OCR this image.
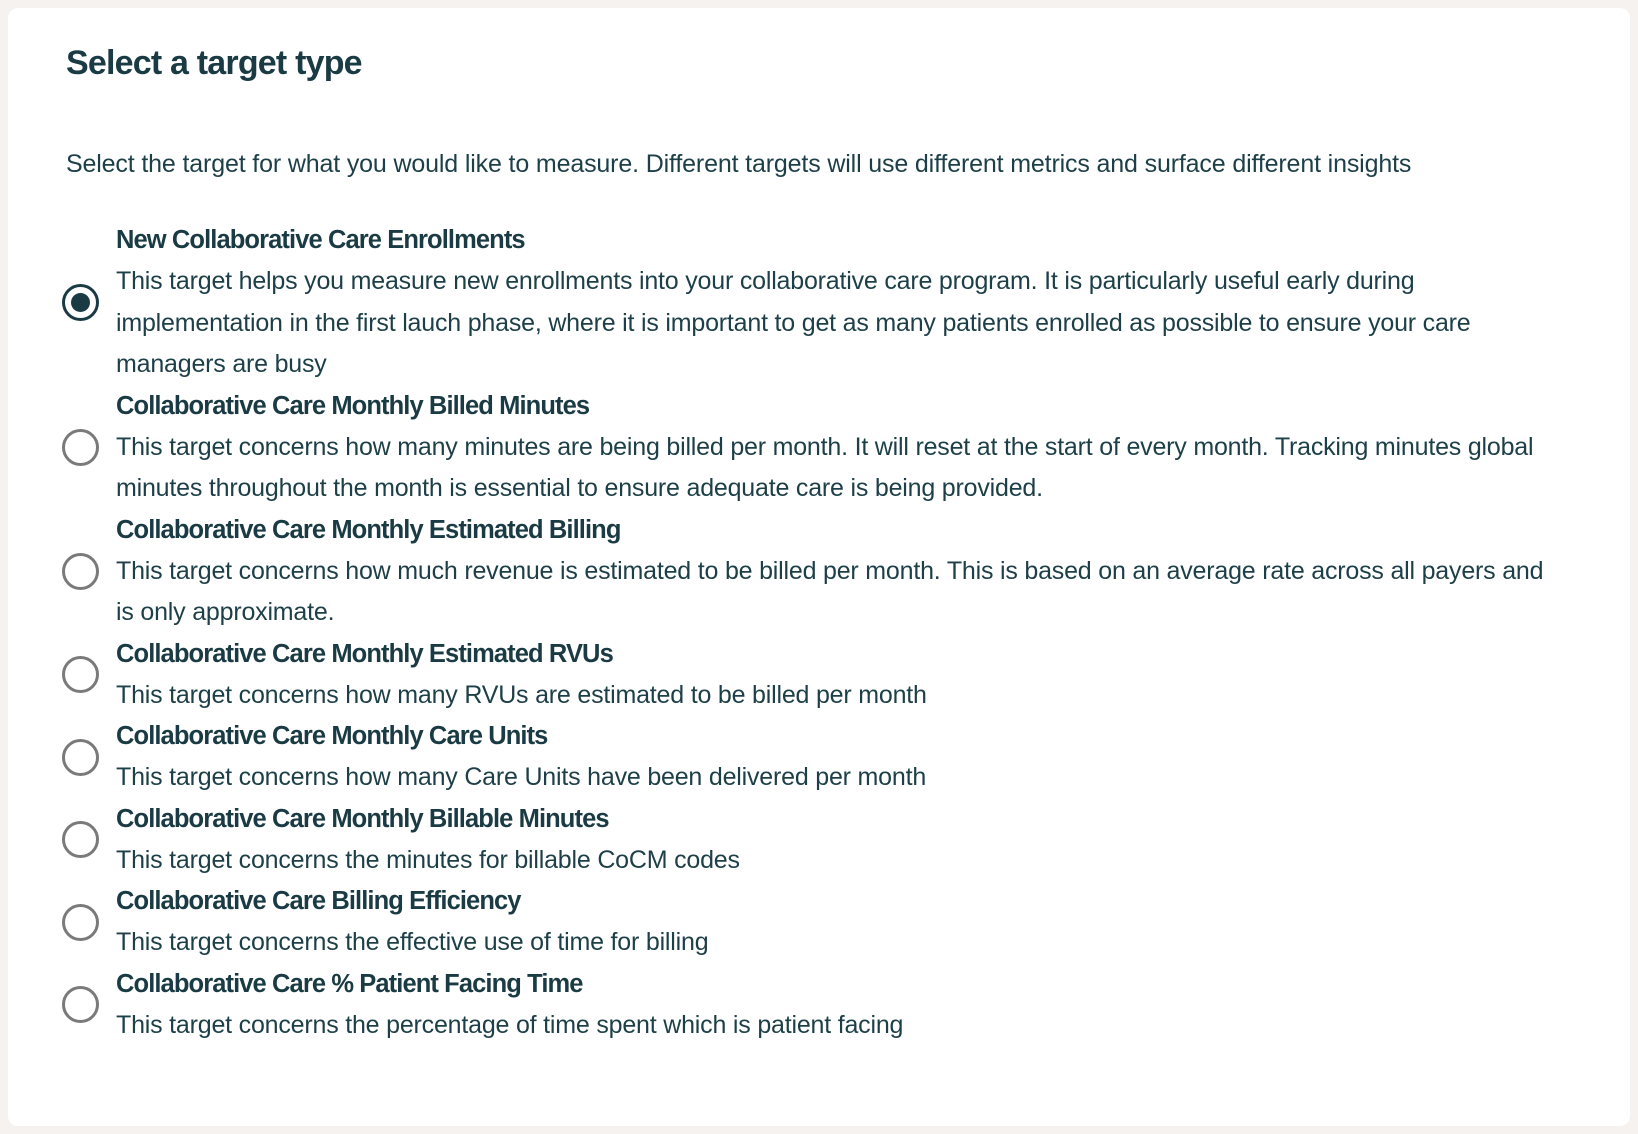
Select a target type

Select the target for what you would like to measure. Different targets will use different metrics and surface different insights

New Collaborative Care Enrollments
This target helps you measure new enrollments into your collaborative care program. It is particularly useful early during implementation in the first lauch phase, where it is important to get as many patients enrolled as possible to ensure your care managers are busy
Collaborative Care Monthly Billed Minutes
This target concerns how many minutes are being billed per month. It will reset at the start of every month. Tracking minutes global minutes throughout the month is essential to ensure adequate care is being provided.
Collaborative Care Monthly Estimated Billing
This target concerns how much revenue is estimated to be billed per month. This is based on an average rate across all payers and is only approximate.
Collaborative Care Monthly Estimated RVUs
This target concerns how many RVUs are estimated to be billed per month
Collaborative Care Monthly Care Units
This target concerns how many Care Units have been delivered per month
Collaborative Care Monthly Billable Minutes
This target concerns the minutes for billable CoCM codes
Collaborative Care Billing Efficiency
This target concerns the effective use of time for billing
Collaborative Care % Patient Facing Time
This target concerns the percentage of time spent which is patient facing
